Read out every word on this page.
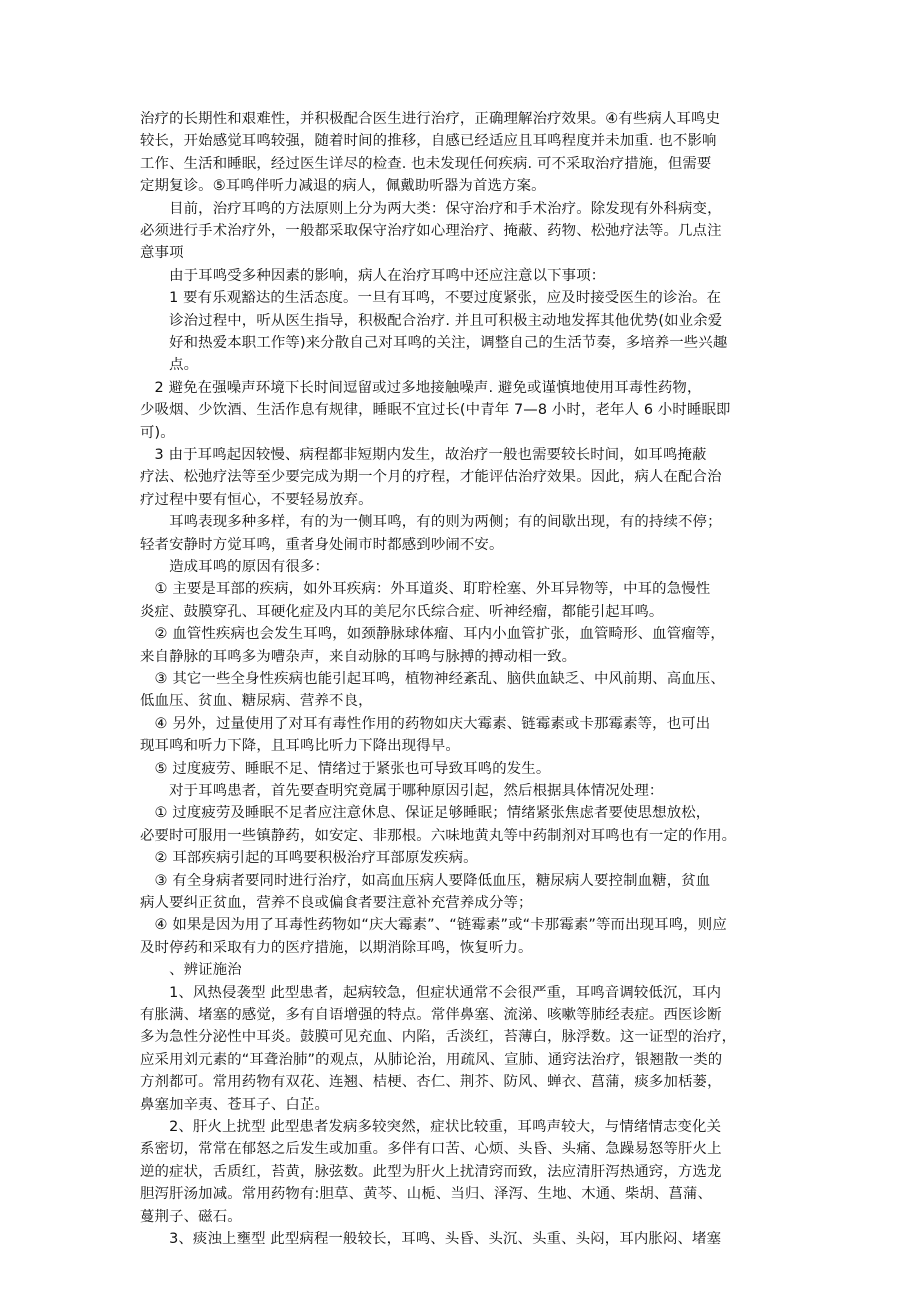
治疗的长期性和艰难性，并积极配合医生进行治疗，正确理解治疗效果。④有些病人耳鸣史
较长，开始感觉耳鸣较强，随着时间的推移，自感已经适应且耳鸣程度并未加重. 也不影响
工作、生活和睡眠，经过医生详尽的检查. 也未发现任何疾病. 可不采取治疗措施，但需要
定期复诊。⑤耳鸣伴听力减退的病人，佩戴助听器为首选方案。
　　目前，治疗耳鸣的方法原则上分为两大类：保守治疗和手术治疗。除发现有外科病变，
必须进行手术治疗外，一般都采取保守治疗如心理治疗、掩蔽、药物、松弛疗法等。几点注
意事项
　　由于耳鸣受多种因素的影响，病人在治疗耳鸣中还应注意以下事项：
　　1 要有乐观豁达的生活态度。一旦有耳鸣，不要过度紧张，应及时接受医生的诊治。在
　　诊治过程中，听从医生指导，积极配合治疗. 并且可积极主动地发挥其他优势(如业余爱
　　好和热爱本职工作等)来分散自己对耳鸣的关注，调整自己的生活节奏，多培养一些兴趣
　　点。
　2 避免在强噪声环境下长时间逗留或过多地接触噪声. 避免或谨慎地使用耳毒性药物，
少吸烟、少饮酒、生活作息有规律，睡眠不宜过长(中青年 7—8 小时，老年人 6 小时睡眠即
可)。
　3 由于耳鸣起因较慢、病程都非短期内发生，故治疗一般也需要较长时间，如耳鸣掩蔽
疗法、松弛疗法等至少要完成为期一个月的疗程，才能评估治疗效果。因此，病人在配合治
疗过程中要有恒心，不要轻易放弃。
　　耳鸣表现多种多样，有的为一侧耳鸣，有的则为两侧；有的间歇出现，有的持续不停；
轻者安静时方觉耳鸣，重者身处闹市时都感到吵闹不安。
　　造成耳鸣的原因有很多：
　① 主要是耳部的疾病，如外耳疾病：外耳道炎、耵聍栓塞、外耳异物等，中耳的急慢性
炎症、鼓膜穿孔、耳硬化症及内耳的美尼尔氏综合症、听神经瘤，都能引起耳鸣。
　② 血管性疾病也会发生耳鸣，如颈静脉球体瘤、耳内小血管扩张，血管畸形、血管瘤等，
来自静脉的耳鸣多为嘈杂声，来自动脉的耳鸣与脉搏的搏动相一致。
　③ 其它一些全身性疾病也能引起耳鸣，植物神经紊乱、脑供血缺乏、中风前期、高血压、
低血压、贫血、糖尿病、营养不良，
　④ 另外，过量使用了对耳有毒性作用的药物如庆大霉素、链霉素或卡那霉素等，也可出
现耳鸣和听力下降，且耳鸣比听力下降出现得早。
　⑤ 过度疲劳、睡眠不足、情绪过于紧张也可导致耳鸣的发生。
　　对于耳鸣患者，首先要查明究竟属于哪种原因引起，然后根据具体情况处理：
　① 过度疲劳及睡眠不足者应注意休息、保证足够睡眠；情绪紧张焦虑者要使思想放松，
必要时可服用一些镇静药，如安定、非那根。六味地黄丸等中药制剂对耳鸣也有一定的作用。
　② 耳部疾病引起的耳鸣要积极治疗耳部原发疾病。
　③ 有全身病者要同时进行治疗，如高血压病人要降低血压，糖尿病人要控制血糖，贫血
病人要纠正贫血，营养不良或偏食者要注意补充营养成分等；
　④ 如果是因为用了耳毒性药物如“庆大霉素”、“链霉素”或“卡那霉素”等而出现耳鸣，则应
及时停药和采取有力的医疗措施，以期消除耳鸣，恢复听力。
　　、辨证施治
　　1、风热侵袭型 此型患者，起病较急，但症状通常不会很严重，耳鸣音调较低沉，耳内
有胀满、堵塞的感觉，多有自语增强的特点。常伴鼻塞、流涕、咳嗽等肺经表症。西医诊断
多为急性分泌性中耳炎。鼓膜可见充血、内陷，舌淡红，苔薄白，脉浮数。这一证型的治疗，
应采用刘元素的“耳聋治肺”的观点，从肺论治，用疏风、宣肺、通窍法治疗，银翘散一类的
方剂都可。常用药物有双花、连翘、桔梗、杏仁、荆芥、防风、蝉衣、菖蒲，痰多加栝蒌，
鼻塞加辛夷、苍耳子、白芷。
　　2、肝火上扰型 此型患者发病多较突然，症状比较重，耳鸣声较大，与情绪情志变化关
系密切，常常在郁怒之后发生或加重。多伴有口苦、心烦、头昏、头痛、急躁易怒等肝火上
逆的症状，舌质红，苔黄，脉弦数。此型为肝火上扰清窍而致，法应清肝泻热通窍，方选龙
胆泻肝汤加减。常用药物有:胆草、黄芩、山栀、当归、泽泻、生地、木通、柴胡、菖蒲、
蔓荆子、磁石。
　　3、痰浊上壅型 此型病程一般较长，耳鸣、头昏、头沉、头重、头闷，耳内胀闷、堵塞
